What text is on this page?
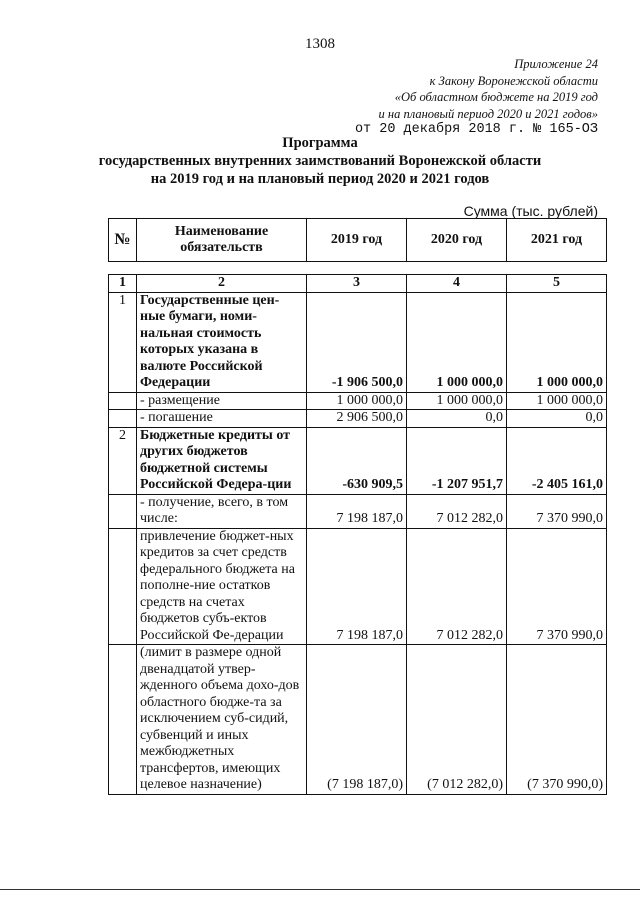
1308
Приложение 24
к Закону Воронежской области
«Об областном бюджете на 2019 год
и на плановый период 2020 и 2021 годов»
от 20 декабря 2018 г. № 165-ОЗ
Программа
государственных внутренних заимствований Воронежской области
на 2019 год и на плановый период 2020 и 2021 годов
Сумма (тыс. рублей)
№	Наименование обязательств	2019 год	2020 год	2021 год

1	2	3	4	5
1	Государственные цен-ные бумаги, номи-нальная стоимость которых указана в валюте Российской Федерации	-1 906 500,0	1 000 000,0	1 000 000,0
	- размещение	1 000 000,0	1 000 000,0	1 000 000,0
	- погашение	2 906 500,0	0,0	0,0
2	Бюджетные кредиты от других бюджетов бюджетной системы Российской Федера-ции	-630 909,5	-1 207 951,7	-2 405 161,0
	- получение, всего, в том числе:	7 198 187,0	7 012 282,0	7 370 990,0
	привлечение бюджет-ных кредитов за счет средств федерального бюджета на пополне-ние остатков средств на счетах бюджетов субъ-ектов Российской Фе-дерации	7 198 187,0	7 012 282,0	7 370 990,0
	(лимит в размере одной двенадцатой утвер-жденного объема дохо-дов областного бюдже-та за исключением суб-сидий, субвенций и иных межбюджетных трансфертов, имеющих целевое назначение)	(7 198 187,0)	(7 012 282,0)	(7 370 990,0)
